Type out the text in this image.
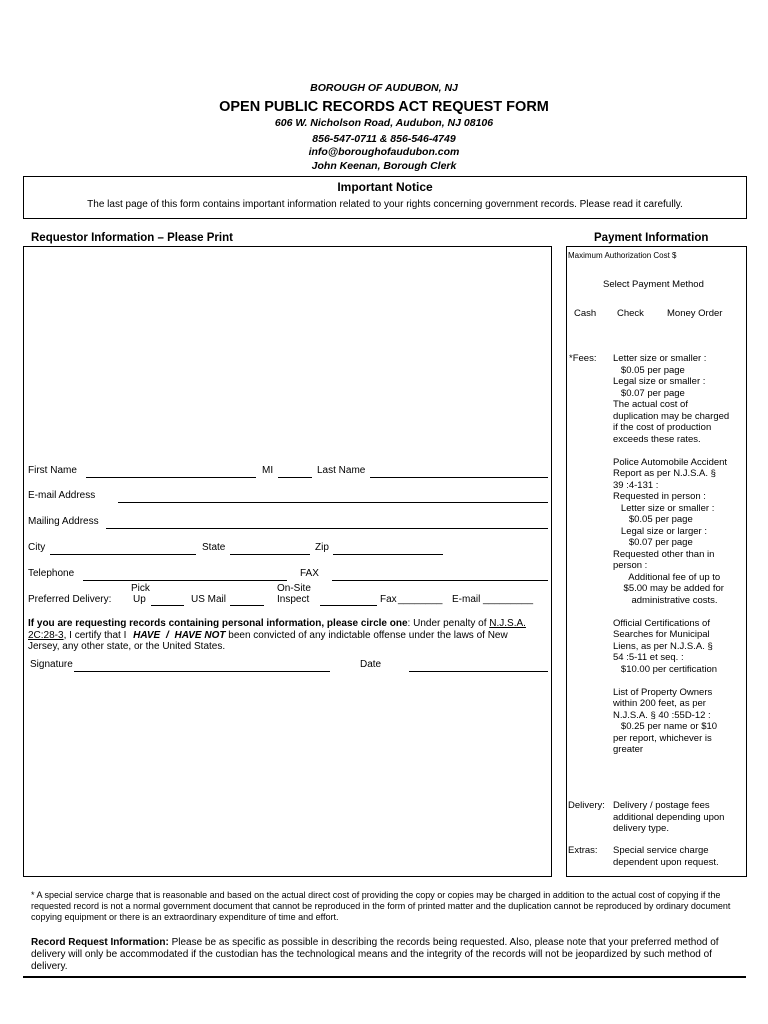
BOROUGH OF AUDUBON, NJ
OPEN PUBLIC RECORDS ACT REQUEST FORM
606 W. Nicholson Road, Audubon, NJ 08106
856-547-0711 & 856-546-4749
info@boroughofaudubon.com
John Keenan, Borough Clerk
Important Notice
The last page of this form contains important information related to your rights concerning government records. Please read it carefully.
Requestor Information – Please Print	Payment Information
First Name	MI	Last Name
E-mail Address
Mailing Address
City	State	Zip
Telephone	FAX
Pick	On-Site
Preferred Delivery: Up	US Mail	Inspect	Fax ________ E-mail _________
If you are requesting records containing personal information, please circle one: Under penalty of N.J.S.A.
2C:28-3, I certify that I HAVE / HAVE NOT been convicted of any indictable offense under the laws of New
Jersey, any other state, or the United States.
Signature	Date
Maximum Authorization Cost $
Select Payment Method
Cash Check Money Order
*Fees: Letter size or smaller :
$0.05 per page
Legal size or smaller :
$0.07 per page
The actual cost of
duplication may be charged
if the cost of production
exceeds these rates.

Police Automobile Accident
Report as per N.J.S.A. §
39 :4-131 :
Requested in person :
Letter size or smaller :
$0.05 per page
Legal size or larger :
$0.07 per page
Requested other than in
person :
Additional fee of up to
$5.00 may be added for
administrative costs.

Official Certifications of
Searches for Municipal
Liens, as per N.J.S.A. §
54 :5-11 et seq. :
$10.00 per certification

List of Property Owners
within 200 feet, as per
N.J.S.A. § 40 :55D-12 :
$0.25 per name or $10
per report, whichever is
greater
Delivery: Delivery / postage fees
additional depending upon
delivery type.
Extras: Special service charge
dependent upon request.
* A special service charge that is reasonable and based on the actual direct cost of providing the copy or copies may be charged in addition to the actual cost of copying if the requested record is not a normal government document that cannot be reproduced in the form of printed matter and the duplication cannot be reproduced by ordinary document copying equipment or there is an extraordinary expenditure of time and effort.
Record Request Information: Please be as specific as possible in describing the records being requested. Also, please note that your preferred method of delivery will only be accommodated if the custodian has the technological means and the integrity of the records will not be jeopardized by such method of delivery.
